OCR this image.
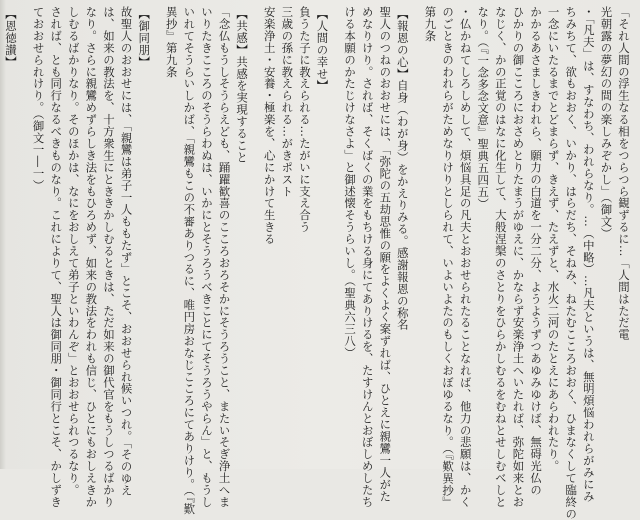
「それ人間の浮生なる相をつらつら観ずるに…「人間はただ電
光朝露の夢幻の間の楽しみぞかし」（御文）
・「凡夫」は、すなわち、われらなり。…（中略）…凡夫というは、無明煩悩われらがみにみ
ちみちて、欲もおおく、いかり、はらだち、そねみ、ねたむこころおおく、ひまなくして臨終の
一念にいたるまでとどまらず、きえず、たえずと、水火二河のたとえにあらわれたり。
かかるあさましきわれら、願力の白道を一分二分、ようようずつあゆみゆけば、無碍光仏の
ひかりの御こころにおさめとりたまうがゆえに、かならず安楽浄土へいたれば、弥陀如来とお
なじく、かの正覚のはなに化生して、大般涅槃のさとりをひらかしむるをむねとせしむべしと
なり。（『一念多念文意』聖典五四五）
・仏かねてしろしめして、煩悩具足の凡夫とおおせられたることなれば、他力の悲願は、かく
のごときのわれらがためなりけりとしられて、いよいよたのもしくおぼゆるなり。（『歎異抄』
第九条
【報恩の心】自身（わが身）をかえりみる。感謝報恩の称名
聖人のつねのおおせには、「弥陀の五劫思惟の願をよくよく案ずれば、ひとえに親鸞一人がた
めなりけり。されば、そくばくの業をもちける身にてありけるを、たすけんとおぼしめしたち
ける本願のかたじけなさよ」と御述懐そうらいし。（聖典六三八）
【人間の幸せ】
負うた子に教えられる…たがいに支え合う
三歳の孫に教えられる…がきポスト
安楽浄土・安養・極楽を、心にかけて生きる
【共感】共感を実現すること
「念仏もうしそうらえども、踊躍歓喜のこころおろそかにそうろうこと、またいそぎ浄土へま
いりたきこころのそうらわぬは、いかにとそうろうべきことにてそうろうやらん」と、もうし
いれてそうらいしかば、「親鸞もこの不審ありつるに、唯円房おなじこころにてありけり。（『歎
異抄』第九条
【御同朋】
故聖人のおおせには、「親鸞は弟子一人ももたず」とこそ、おおせられ候いつれ。「そのゆえ
は、如来の教法を、十方衆生にとききかしむるときは、ただ如来の御代官をもうしつるばかり
なり。さらに親鸞めずらしき法をもひろめず、如来の教法をわれも信じ、ひとにもおしえきか
しむるばかりなり。そのほかは、なにをおしえて弟子といわんぞ」とおおせられつるなり。
されば、とも同行なるべきものなり。これによりて、聖人は御同朋・御同行とこそ、かしずき
ておおせられけり。（御文一―一）
【恩徳讃】
